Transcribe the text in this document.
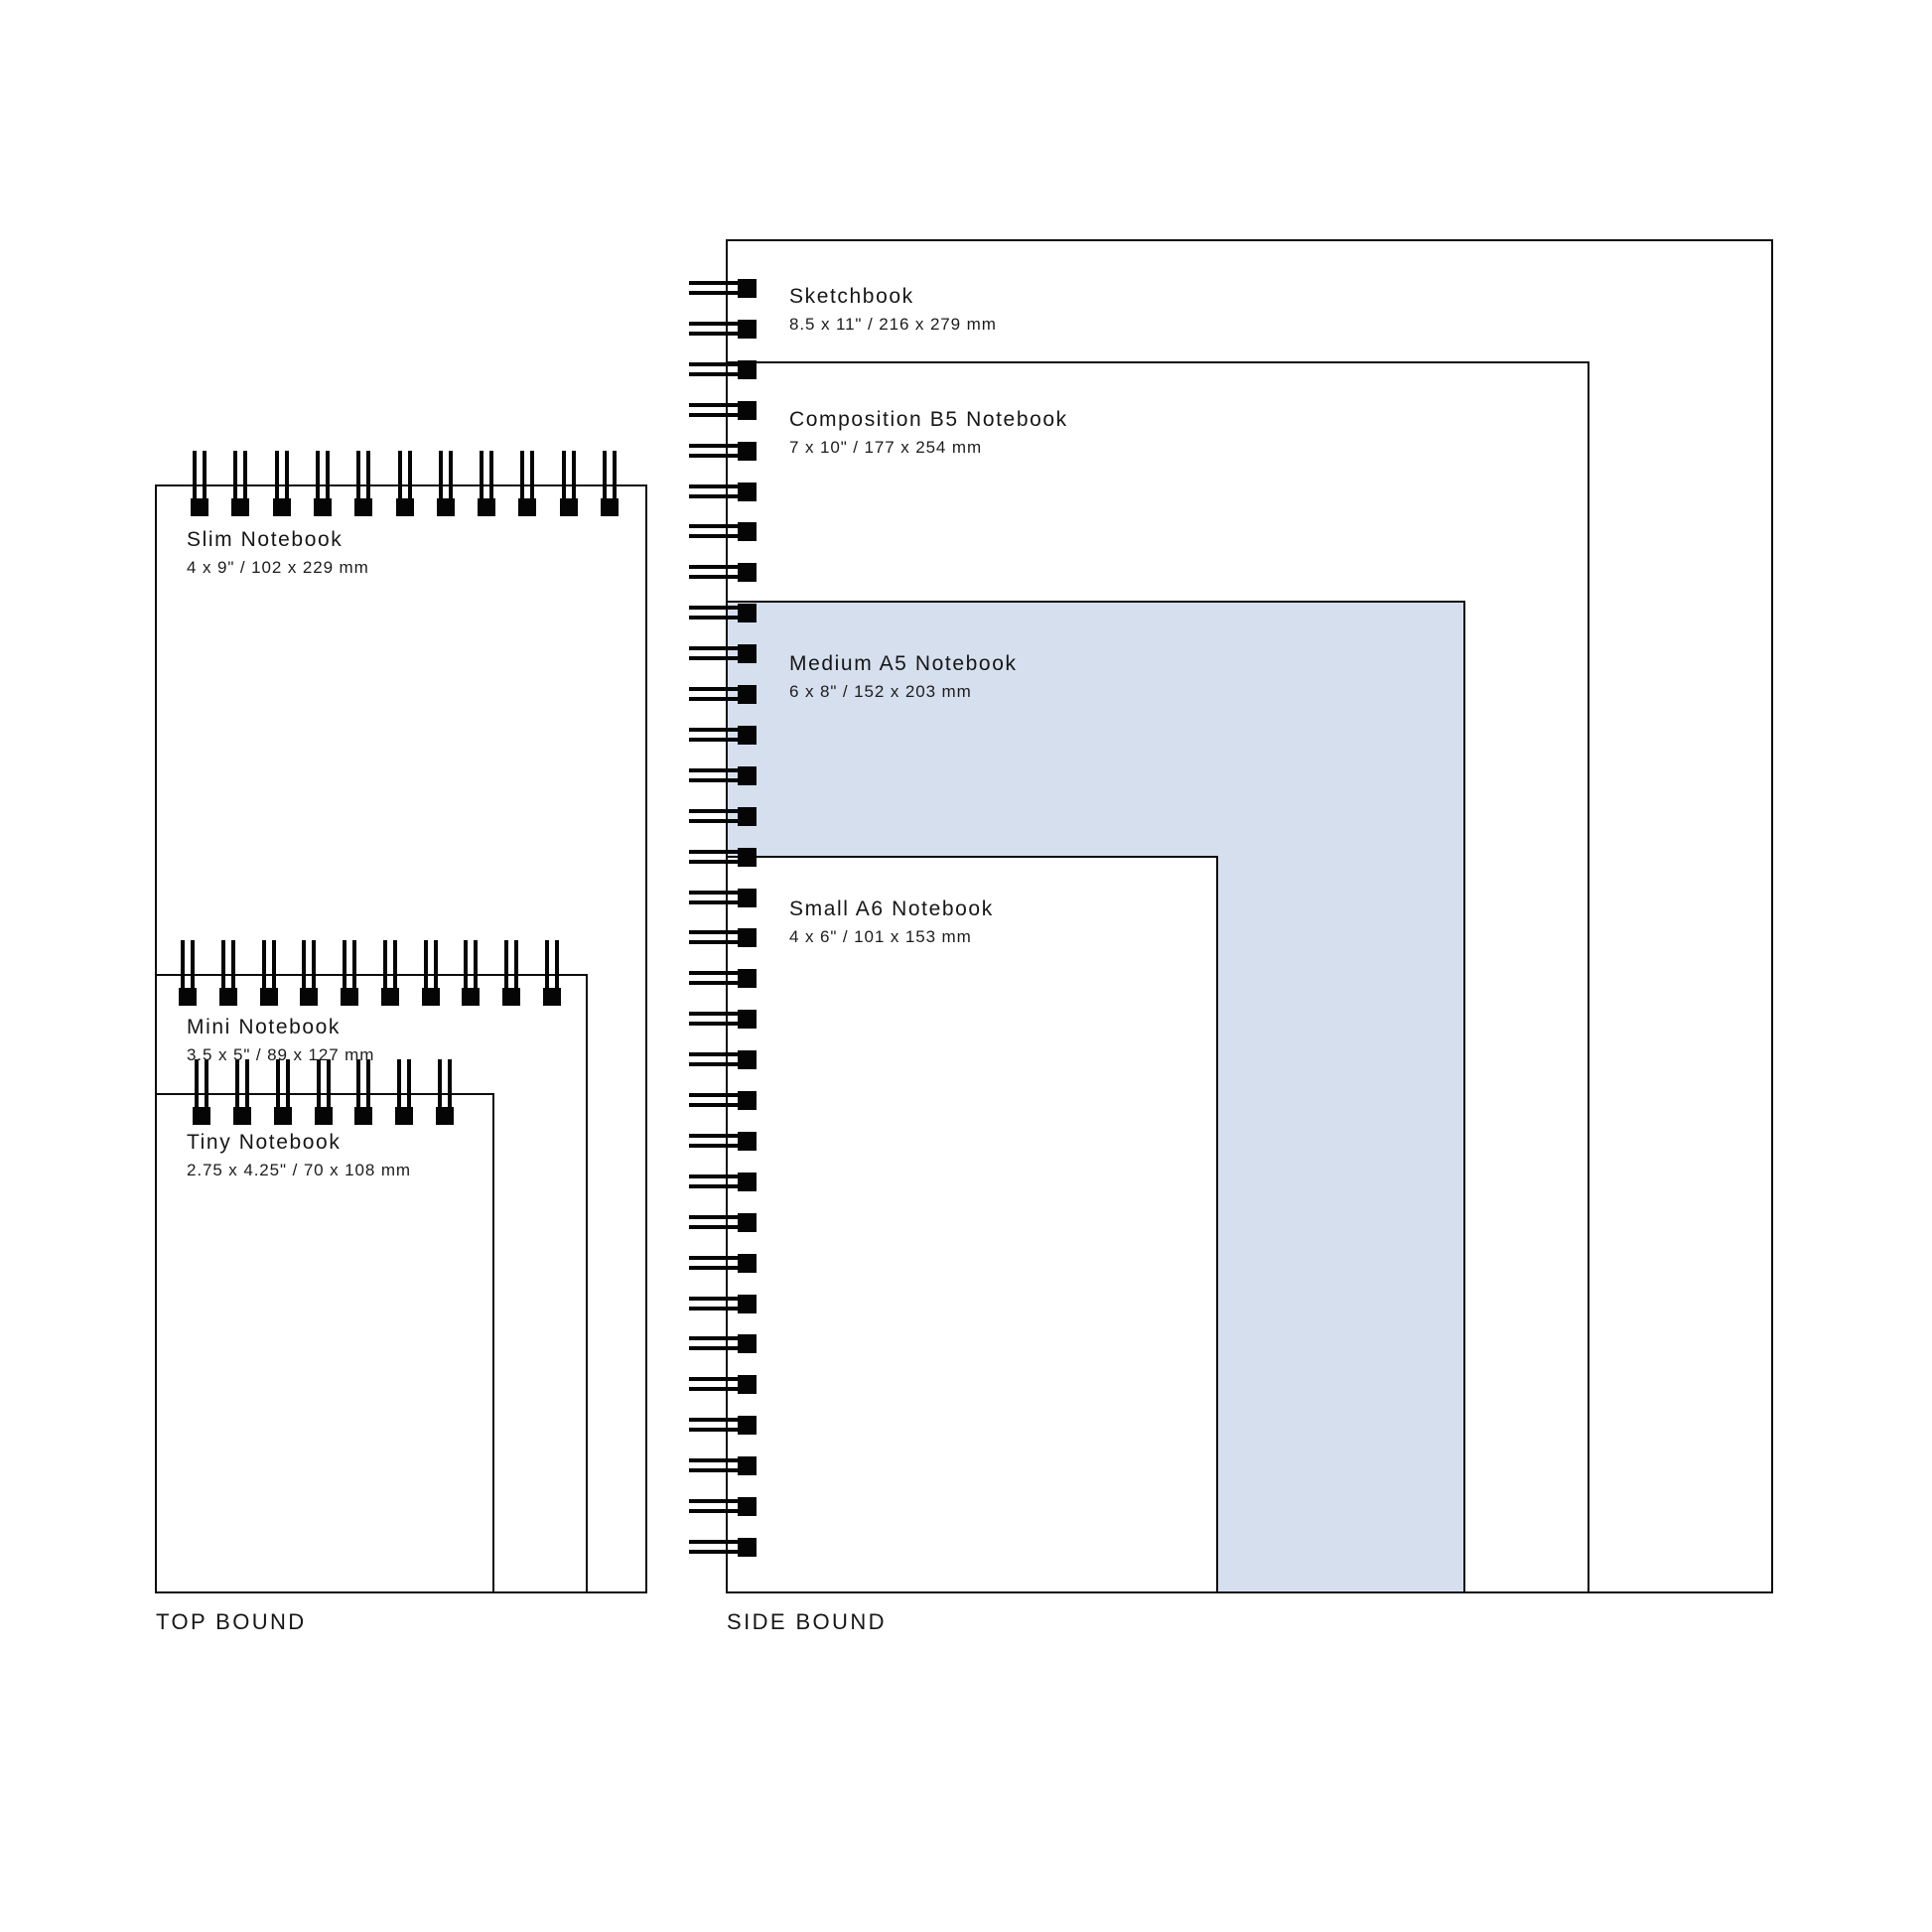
TOP BOUND	SIDE BOUND
Slim Notebook
4 x 9" / 102 x 229 mm
Mini Notebook
3.5 x 5" / 89 x 127 mm
Tiny Notebook
2.75 x 4.25" / 70 x 108 mm
Sketchbook
8.5 x 11" / 216 x 279 mm
Composition B5 Notebook
7 x 10" / 177 x 254 mm
Medium A5 Notebook
6 x 8" / 152 x 203 mm
Small A6 Notebook
4 x 6" / 101 x 153 mm
